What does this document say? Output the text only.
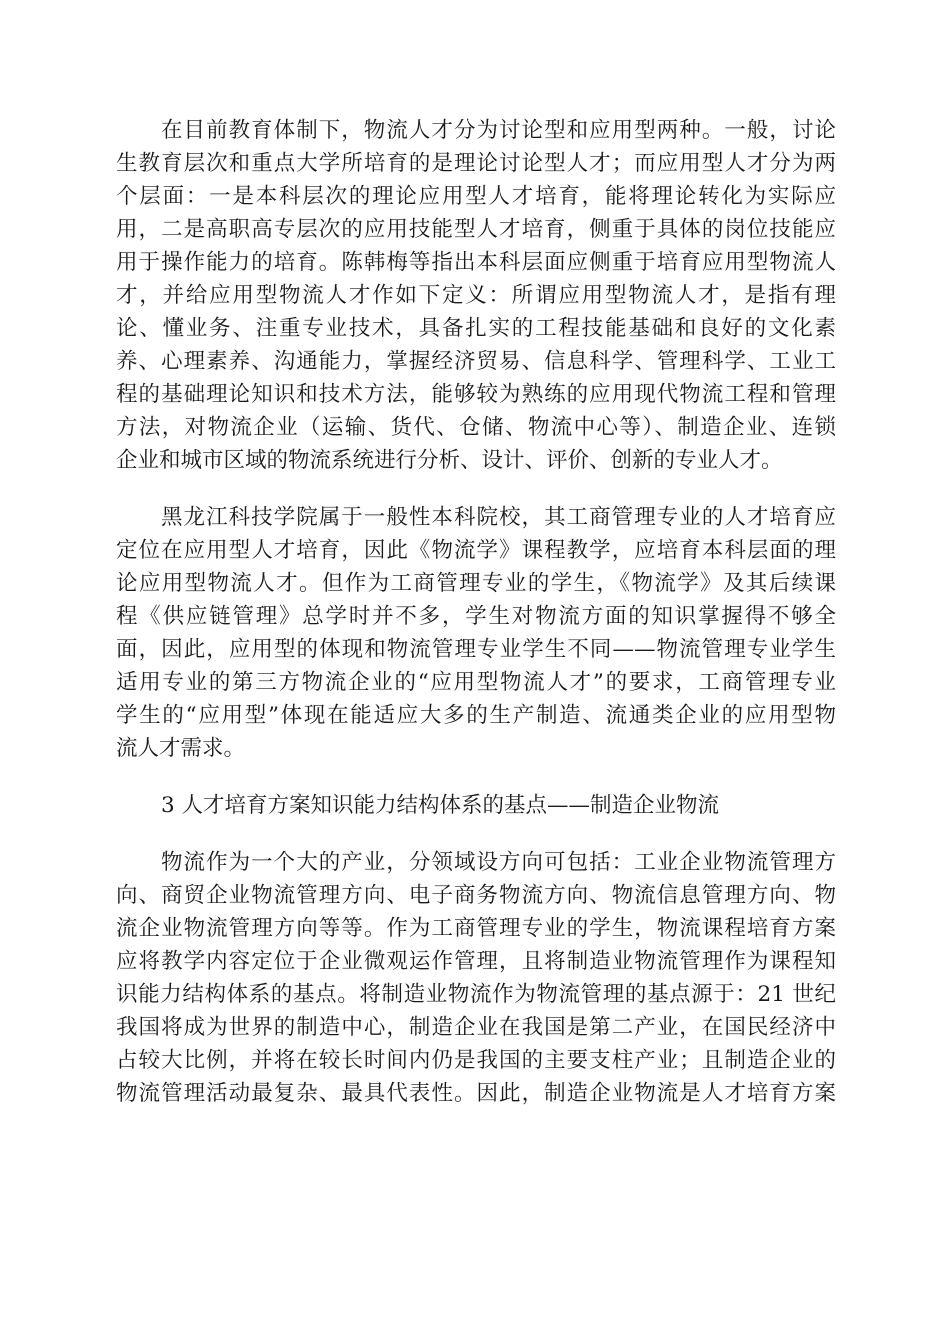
在目前教育体制下，物流人才分为讨论型和应用型两种。一般，讨论
生教育层次和重点大学所培育的是理论讨论型人才；而应用型人才分为两
个层面：一是本科层次的理论应用型人才培育，能将理论转化为实际应
用，二是高职高专层次的应用技能型人才培育，侧重于具体的岗位技能应
用于操作能力的培育。陈韩梅等指出本科层面应侧重于培育应用型物流人
才，并给应用型物流人才作如下定义：所谓应用型物流人才，是指有理
论、懂业务、注重专业技术，具备扎实的工程技能基础和良好的文化素
养、心理素养、沟通能力，掌握经济贸易、信息科学、管理科学、工业工
程的基础理论知识和技术方法，能够较为熟练的应用现代物流工程和管理
方法，对物流企业（运输、货代、仓储、物流中心等）、制造企业、连锁
企业和城市区域的物流系统进行分析、设计、评价、创新的专业人才。
黑龙江科技学院属于一般性本科院校，其工商管理专业的人才培育应
定位在应用型人才培育，因此《物流学》课程教学，应培育本科层面的理
论应用型物流人才。但作为工商管理专业的学生，《物流学》及其后续课
程《供应链管理》总学时并不多，学生对物流方面的知识掌握得不够全
面，因此，应用型的体现和物流管理专业学生不同——物流管理专业学生
适用专业的第三方物流企业的“应用型物流人才”的要求，工商管理专业
学生的“应用型”体现在能适应大多的生产制造、流通类企业的应用型物
流人才需求。
3 人才培育方案知识能力结构体系的基点——制造企业物流
物流作为一个大的产业，分领域设方向可包括：工业企业物流管理方
向、商贸企业物流管理方向、电子商务物流方向、物流信息管理方向、物
流企业物流管理方向等等。作为工商管理专业的学生，物流课程培育方案
应将教学内容定位于企业微观运作管理，且将制造业物流管理作为课程知
识能力结构体系的基点。将制造业物流作为物流管理的基点源于：21 世纪
我国将成为世界的制造中心，制造企业在我国是第二产业，在国民经济中
占较大比例，并将在较长时间内仍是我国的主要支柱产业；且制造企业的
物流管理活动最复杂、最具代表性。因此，制造企业物流是人才培育方案
